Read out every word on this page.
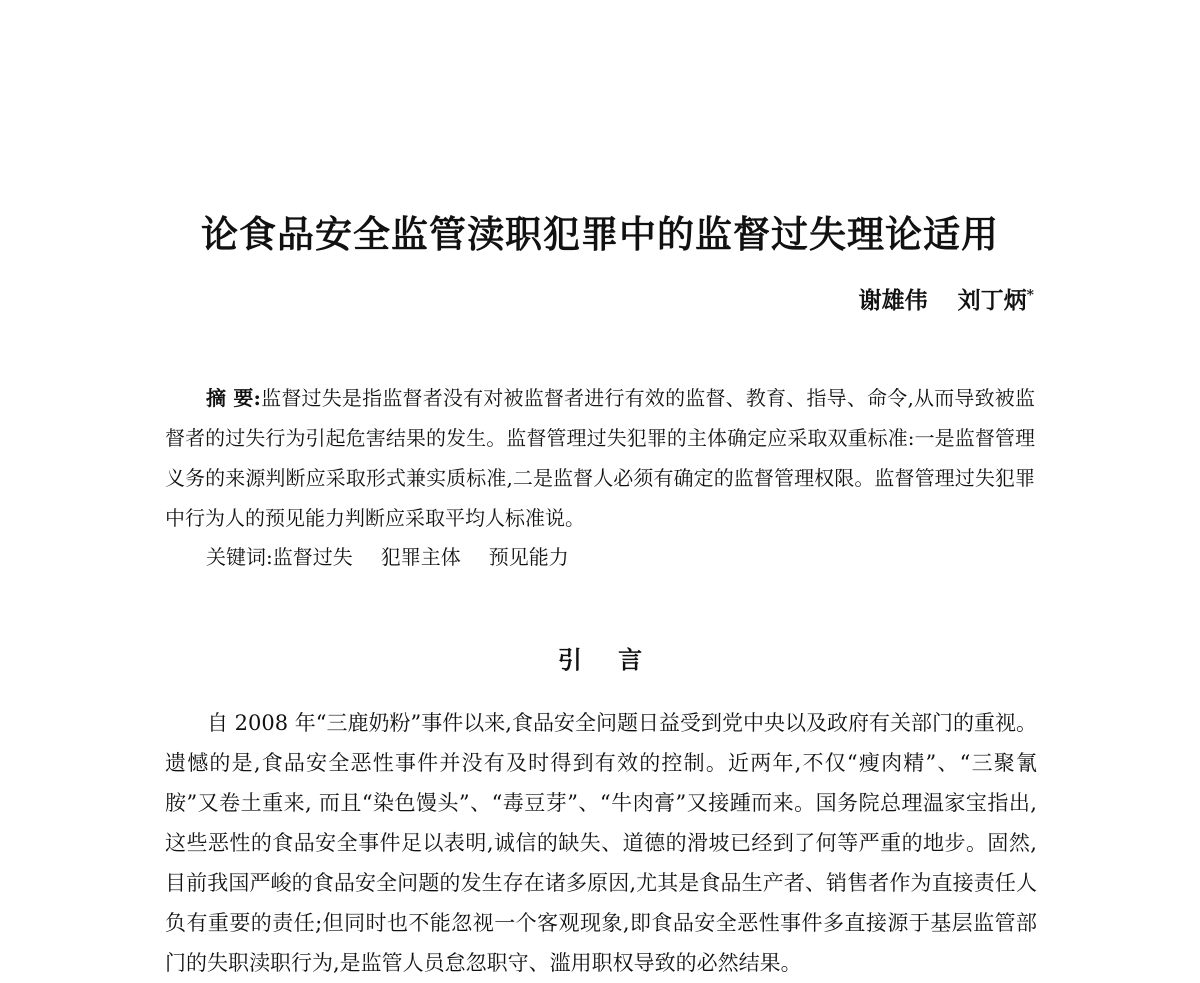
论食品安全监管渎职犯罪中的监督过失理论适用
谢雄伟 刘丁炳*

摘 要:监督过失是指监督者没有对被监督者进行有效的监督、教育、指导、命令,从而导致被监督者的过失行为引起危害结果的发生。监督管理过失犯罪的主体确定应采取双重标准:一是监督管理义务的来源判断应采取形式兼实质标准,二是监督人必须有确定的监督管理权限。监督管理过失犯罪中行为人的预见能力判断应采取平均人标准说。

关键词:监督过失 犯罪主体 预见能力
引 言

自 2008 年“三鹿奶粉”事件以来,食品安全问题日益受到党中央以及政府有关部门的重视。遗憾的是,食品安全恶性事件并没有及时得到有效的控制。近两年,不仅“瘦肉精”、“三聚氰胺”又卷土重来, 而且“染色馒头”、“毒豆芽”、“牛肉膏”又接踵而来。国务院总理温家宝指出,这些恶性的食品安全事件足以表明,诚信的缺失、道德的滑坡已经到了何等严重的地步。固然,目前我国严峻的食品安全问题的发生存在诸多原因,尤其是食品生产者、销售者作为直接责任人负有重要的责任;但同时也不能忽视一个客观现象,即食品安全恶性事件多直接源于基层监管部门的失职渎职行为,是监管人员怠忽职守、滥用职权导致的必然结果。
